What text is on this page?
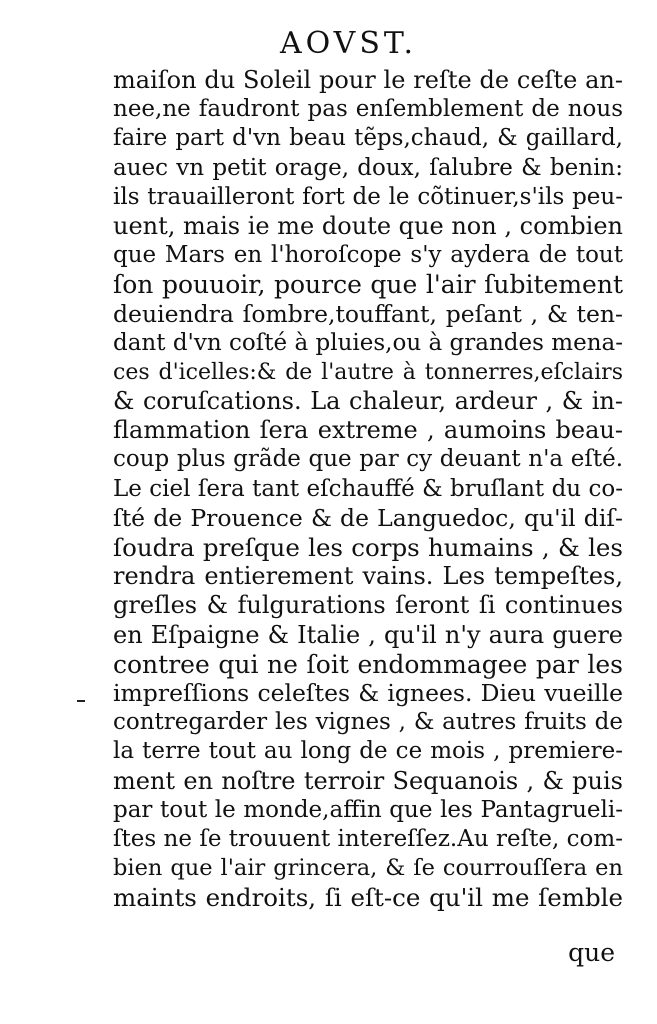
AOVST.
maiſon du Soleil pour le reſte de ceſte an-
nee,ne faudront pas enſemblement de nous
faire part d'vn beau tẽps,chaud, & gaillard,
auec vn petit orage, doux, ſalubre & benin:
ils trauailleront fort de le cõtinuer,s'ils peu-
uent, mais ie me doute que non , combien
que Mars en l'horoſcope s'y aydera de tout
ſon pouuoir, pource que l'air ſubitement
deuiendra ſombre,touffant, peſant , & ten-
dant d'vn coſté à pluies,ou à grandes mena-
ces d'icelles:& de l'autre à tonnerres,eſclairs
& coruſcations. La chaleur, ardeur , & in-
flammation ſera extreme , aumoins beau-
coup plus grãde que par cy deuant n'a eſté.
Le ciel ſera tant eſchauffé & bruſlant du co-
ſté de Prouence & de Languedoc, qu'il diſ-
ſoudra preſque les corps humains , & les
rendra entierement vains. Les tempeſtes,
greſles & fulgurations ſeront ſi continues
en Eſpaigne & Italie , qu'il n'y aura guere
contree qui ne ſoit endommagee par les
impreſſions celeſtes & ignees. Dieu vueille
contregarder les vignes , & autres fruits de
la terre tout au long de ce mois , premiere-
ment en noſtre terroir Sequanois , & puis
par tout le monde,affin que les Pantagrueli-
ſtes ne ſe trouuent intereſſez.Au reſte, com-
bien que l'air grincera, & ſe courrouſſera en
maints endroits, ſi eſt-ce qu'il me ſemble
que
